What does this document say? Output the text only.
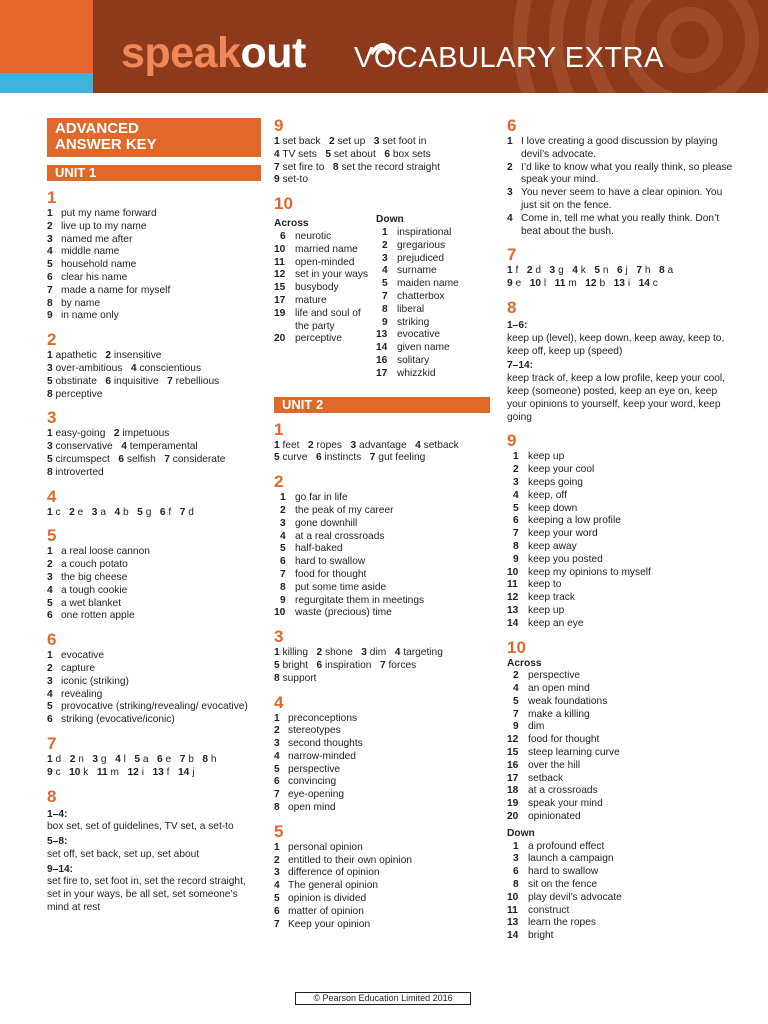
speakout VOCABULARY EXTRA
ADVANCED
ANSWER KEY
UNIT 1
1
1 put my name forward
2 live up to my name
3 named me after
4 middle name
5 household name
6 clear his name
7 made a name for myself
8 by name
9 in name only
2
1 apathetic 2 insensitive
3 over-ambitious 4 conscientious
5 obstinate 6 inquisitive 7 rebellious
8 perceptive
3
1 easy-going 2 impetuous
3 conservative 4 temperamental
5 circumspect 6 selfish 7 considerate
8 introverted
4
1 c 2 e 3 a 4 b 5 g 6 f 7 d
5
1 a real loose cannon
2 a couch potato
3 the big cheese
4 a tough cookie
5 a wet blanket
6 one rotten apple
6
1 evocative
2 capture
3 iconic (striking)
4 revealing
5 provocative (striking/revealing/ evocative)
6 striking (evocative/iconic)
7
1 d 2 n 3 g 4 l 5 a 6 e 7 b 8 h
9 c 10 k 11 m 12 i 13 f 14 j
8
1–4:
box set, set of guidelines, TV set, a set-to
5–8:
set off, set back, set up, set about
9–14:
set fire to, set foot in, set the record straight, set in your ways, be all set, set someone’s mind at rest
9
1 set back 2 set up 3 set foot in
4 TV sets 5 set about 6 box sets
7 set fire to 8 set the record straight
9 set-to
10
Across
6 neurotic
10 married name
11	open-minded
12 set in your ways
15 busybody
17 mature
19 life and soul of the party
20 perceptive
Down
1 inspirational
2 gregarious
3 prejudiced
4 surname
5 maiden name
7 chatterbox
8 liberal
9 striking
13 evocative
14 given name
16 solitary
17 whizzkid
UNIT 2
1
1 feet 2 ropes 3 advantage 4 setback
5 curve 6 instincts 7 gut feeling
2
1 go far in life
2 the peak of my career
3 gone downhill
4 at a real crossroads
5 half-baked
6 hard to swallow
7 food for thought
8 put some time aside
9 regurgitate them in meetings
10 waste (precious) time
3
1 killing 2 shone 3 dim 4 targeting
5 bright 6 inspiration 7 forces
8 support
4
1 preconceptions
2 stereotypes
3 second thoughts
4 narrow-minded
5 perspective
6 convincing
7 eye-opening
8 open mind
5
1 personal opinion
2 entitled to their own opinion
3 difference of opinion
4 The general opinion
5 opinion is divided
6 matter of opinion
7 Keep your opinion
6
1 I love creating a good discussion by playing devil’s advocate.
2 I’d like to know what you really think, so please speak your mind.
3 You never seem to have a clear opinion. You just sit on the fence.
4 Come in, tell me what you really think. Don’t beat about the bush.
7
1 f 2 d 3 g 4 k 5 n 6 j 7 h 8 a
9 e 10 l 11 m 12 b 13 i 14 c
8
1–6:
keep up (level), keep down, keep away, keep to, keep off, keep up (speed)
7–14:
keep track of, keep a low profile, keep your cool, keep (someone) posted, keep an eye on, keep your opinions to yourself, keep your word, keep going
9
1 keep up
2 keep your cool
3 keeps going
4 keep, off
5 keep down
6 keeping a low profile
7 keep your word
8 keep away
9 keep you posted
10 keep my opinions to myself
11	keep to
12 keep track
13 keep up
14 keep an eye
10
Across
2 perspective
4 an open mind
5 weak foundations
7 make a killing
9 dim
12 food for thought
15 steep learning curve
16 over the hill
17 setback
18 at a crossroads
19 speak your mind
20 opinionated
Down
1 a profound effect
3 launch a campaign
6 hard to swallow
8 sit on the fence
10 play devil’s advocate
11	construct
13 learn the ropes
14 bright
© Pearson Education Limited 2016
